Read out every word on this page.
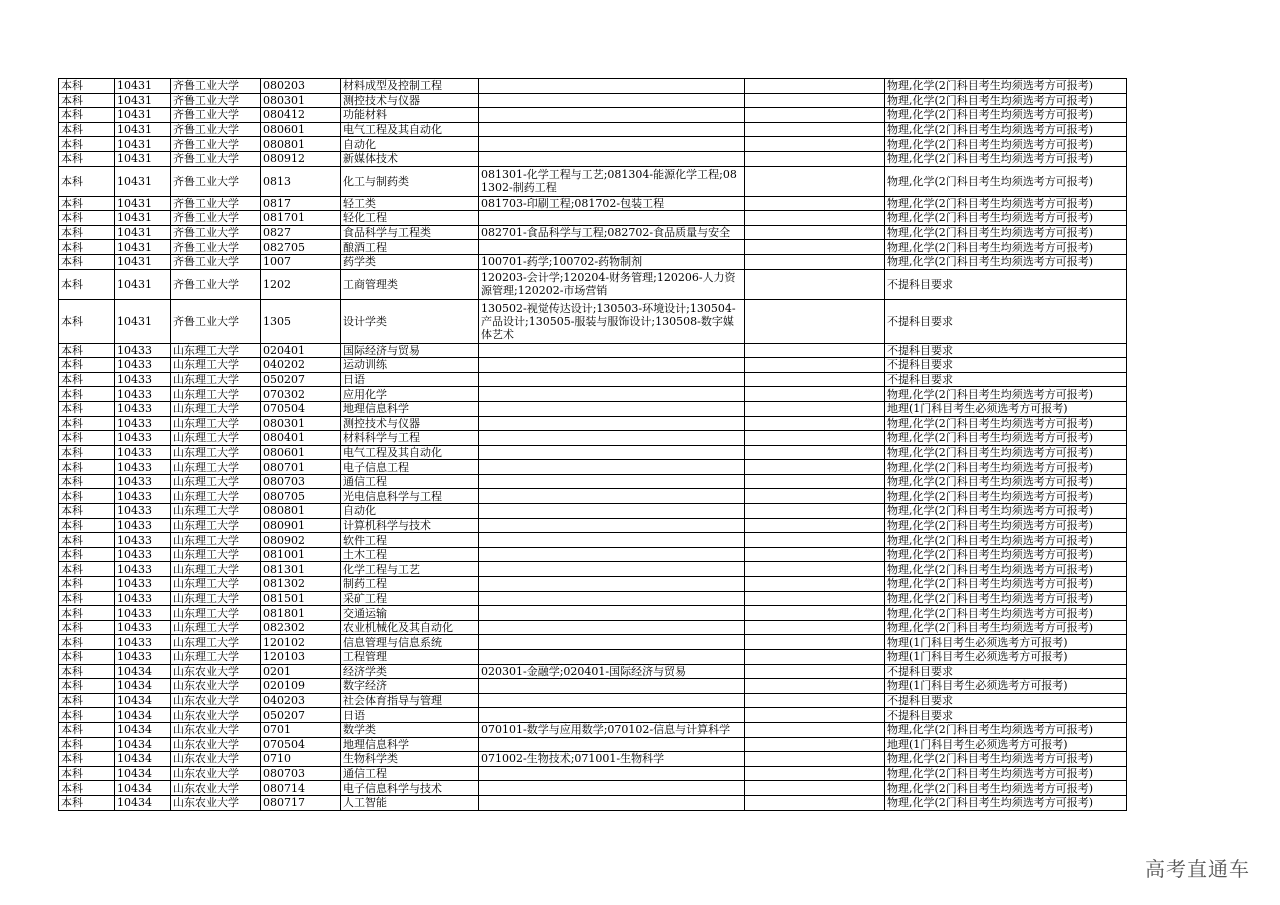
本科	10431	齐鲁工业大学	080203	材料成型及控制工程			物理,化学(2门科目考生均须选考方可报考)
本科	10431	齐鲁工业大学	080301	测控技术与仪器			物理,化学(2门科目考生均须选考方可报考)
本科	10431	齐鲁工业大学	080412	功能材料			物理,化学(2门科目考生均须选考方可报考)
本科	10431	齐鲁工业大学	080601	电气工程及其自动化			物理,化学(2门科目考生均须选考方可报考)
本科	10431	齐鲁工业大学	080801	自动化			物理,化学(2门科目考生均须选考方可报考)
本科	10431	齐鲁工业大学	080912	新媒体技术			物理,化学(2门科目考生均须选考方可报考)
本科	10431	齐鲁工业大学	0813	化工与制药类	081301-化学工程与工艺;081304-能源化学工程;081302-制药工程		物理,化学(2门科目考生均须选考方可报考)
本科	10431	齐鲁工业大学	0817	轻工类	081703-印刷工程;081702-包装工程		物理,化学(2门科目考生均须选考方可报考)
本科	10431	齐鲁工业大学	081701	轻化工程			物理,化学(2门科目考生均须选考方可报考)
本科	10431	齐鲁工业大学	0827	食品科学与工程类	082701-食品科学与工程;082702-食品质量与安全		物理,化学(2门科目考生均须选考方可报考)
本科	10431	齐鲁工业大学	082705	酿酒工程			物理,化学(2门科目考生均须选考方可报考)
本科	10431	齐鲁工业大学	1007	药学类	100701-药学;100702-药物制剂		物理,化学(2门科目考生均须选考方可报考)
本科	10431	齐鲁工业大学	1202	工商管理类	120203-会计学;120204-财务管理;120206-人力资源管理;120202-市场营销		不提科目要求
本科	10431	齐鲁工业大学	1305	设计学类	130502-视觉传达设计;130503-环境设计;130504-产品设计;130505-服装与服饰设计;130508-数字媒体艺术		不提科目要求
本科	10433	山东理工大学	020401	国际经济与贸易			不提科目要求
本科	10433	山东理工大学	040202	运动训练			不提科目要求
本科	10433	山东理工大学	050207	日语			不提科目要求
本科	10433	山东理工大学	070302	应用化学			物理,化学(2门科目考生均须选考方可报考)
本科	10433	山东理工大学	070504	地理信息科学			地理(1门科目考生必须选考方可报考)
本科	10433	山东理工大学	080301	测控技术与仪器			物理,化学(2门科目考生均须选考方可报考)
本科	10433	山东理工大学	080401	材料科学与工程			物理,化学(2门科目考生均须选考方可报考)
本科	10433	山东理工大学	080601	电气工程及其自动化			物理,化学(2门科目考生均须选考方可报考)
本科	10433	山东理工大学	080701	电子信息工程			物理,化学(2门科目考生均须选考方可报考)
本科	10433	山东理工大学	080703	通信工程			物理,化学(2门科目考生均须选考方可报考)
本科	10433	山东理工大学	080705	光电信息科学与工程			物理,化学(2门科目考生均须选考方可报考)
本科	10433	山东理工大学	080801	自动化			物理,化学(2门科目考生均须选考方可报考)
本科	10433	山东理工大学	080901	计算机科学与技术			物理,化学(2门科目考生均须选考方可报考)
本科	10433	山东理工大学	080902	软件工程			物理,化学(2门科目考生均须选考方可报考)
本科	10433	山东理工大学	081001	土木工程			物理,化学(2门科目考生均须选考方可报考)
本科	10433	山东理工大学	081301	化学工程与工艺			物理,化学(2门科目考生均须选考方可报考)
本科	10433	山东理工大学	081302	制药工程			物理,化学(2门科目考生均须选考方可报考)
本科	10433	山东理工大学	081501	采矿工程			物理,化学(2门科目考生均须选考方可报考)
本科	10433	山东理工大学	081801	交通运输			物理,化学(2门科目考生均须选考方可报考)
本科	10433	山东理工大学	082302	农业机械化及其自动化			物理,化学(2门科目考生均须选考方可报考)
本科	10433	山东理工大学	120102	信息管理与信息系统			物理(1门科目考生必须选考方可报考)
本科	10433	山东理工大学	120103	工程管理			物理(1门科目考生必须选考方可报考)
本科	10434	山东农业大学	0201	经济学类	020301-金融学;020401-国际经济与贸易		不提科目要求
本科	10434	山东农业大学	020109	数字经济			物理(1门科目考生必须选考方可报考)
本科	10434	山东农业大学	040203	社会体育指导与管理			不提科目要求
本科	10434	山东农业大学	050207	日语			不提科目要求
本科	10434	山东农业大学	0701	数学类	070101-数学与应用数学;070102-信息与计算科学		物理,化学(2门科目考生均须选考方可报考)
本科	10434	山东农业大学	070504	地理信息科学			地理(1门科目考生必须选考方可报考)
本科	10434	山东农业大学	0710	生物科学类	071002-生物技术;071001-生物科学		物理,化学(2门科目考生均须选考方可报考)
本科	10434	山东农业大学	080703	通信工程			物理,化学(2门科目考生均须选考方可报考)
本科	10434	山东农业大学	080714	电子信息科学与技术			物理,化学(2门科目考生均须选考方可报考)
本科	10434	山东农业大学	080717	人工智能			物理,化学(2门科目考生均须选考方可报考)
高考直通车
